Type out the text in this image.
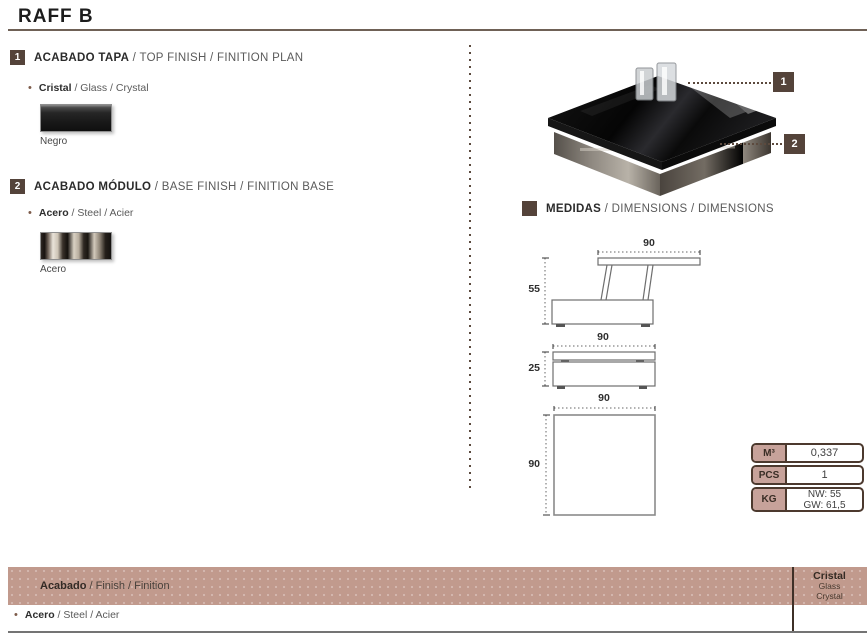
RAFF B
1	ACABADO TAPA / TOP FINISH / FINITION PLAN
• Cristal / Glass / Crystal
Negro
2	ACABADO MÓDULO / BASE FINISH / FINITION BASE
• Acero / Steel / Acier
Acero
1
2
MEDIDAS / DIMENSIONS / DIMENSIONS
90
55
90
25
90
90
M³	0,337
PCS	1
KG	NW: 55
GW: 61,5
Acabado / Finish / Finition
Cristal
Glass
Crystal
• Acero / Steel / Acier
